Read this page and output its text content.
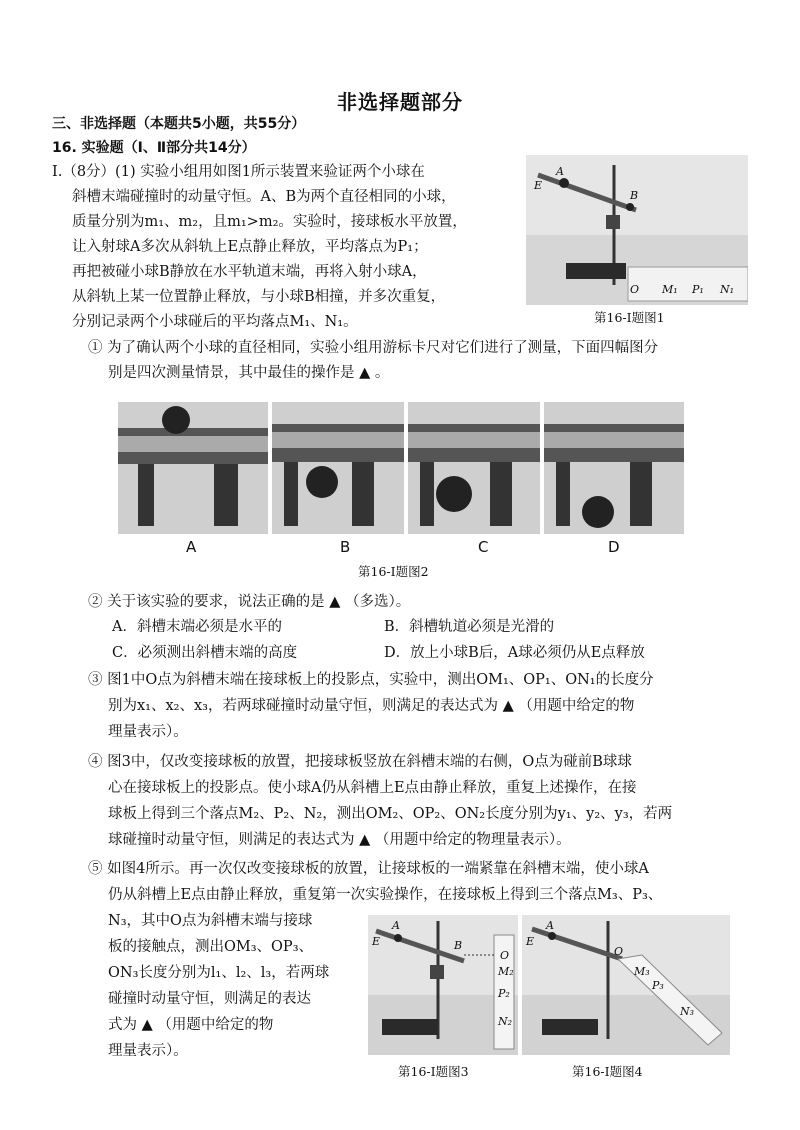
非选择题部分
三、非选择题（本题共5小题，共55分）
16. 实验题（Ⅰ、Ⅱ部分共14分）
Ⅰ.（8分）(1) 实验小组用如图1所示装置来验证两个小球在
斜槽末端碰撞时的动量守恒。A、B为两个直径相同的小球，
质量分别为m₁、m₂，且m₁>m₂。实验时，接球板水平放置，
让入射球A多次从斜轨上E点静止释放，平均落点为P₁；
再把被碰小球B静放在水平轨道末端，再将入射小球A，
从斜轨上某一位置静止释放，与小球B相撞，并多次重复，
分别记录两个小球碰后的平均落点M₁、N₁。
A
E
B
O M₁ P₁ N₁
第16-Ⅰ题图1
① 为了确认两个小球的直径相同，实验小组用游标卡尺对它们进行了测量，下面四幅图分
别是四次测量情景，其中最佳的操作是 ▲ 。
A	B	C	D
第16-Ⅰ题图2
② 关于该实验的要求，说法正确的是 ▲ （多选）。
A．斜槽末端必须是水平的	B．斜槽轨道必须是光滑的
C．必须测出斜槽末端的高度	D．放上小球B后，A球必须仍从E点释放
③ 图1中O点为斜槽末端在接球板上的投影点，实验中，测出OM₁、OP₁、ON₁的长度分
别为x₁、x₂、x₃，若两球碰撞时动量守恒，则满足的表达式为 ▲ （用题中给定的物
理量表示）。
④ 图3中，仅改变接球板的放置，把接球板竖放在斜槽末端的右侧，O点为碰前B球球
心在接球板上的投影点。使小球A仍从斜槽上E点由静止释放，重复上述操作，在接
球板上得到三个落点M₂、P₂、N₂，测出OM₂、OP₂、ON₂长度分别为y₁、y₂、y₃，若两
球碰撞时动量守恒，则满足的表达式为 ▲ （用题中给定的物理量表示）。
⑤ 如图4所示。再一次仅改变接球板的放置，让接球板的一端紧靠在斜槽末端，使小球A
仍从斜槽上E点由静止释放，重复第一次实验操作，在接球板上得到三个落点M₃、P₃、
N₃，其中O点为斜槽末端与接球
板的接触点，测出OM₃、OP₃、
ON₃长度分别为l₁、l₂、l₃，若两球
碰撞时动量守恒，则满足的表达
式为 ▲ （用题中给定的物
理量表示）。
A
E	B
O
M₂
P₂
N₂
第16-Ⅰ题图3
A
E
O
M₃
P₃
N₃
第16-Ⅰ题图4
